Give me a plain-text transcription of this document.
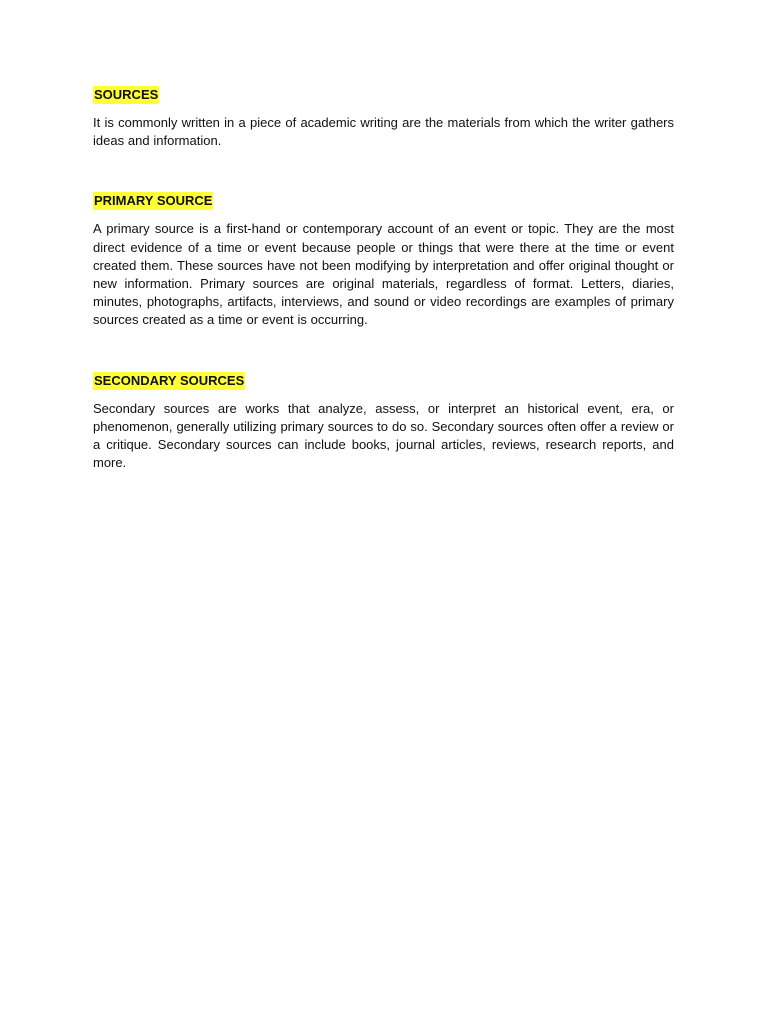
SOURCES

It is commonly written in a piece of academic writing are the materials from which the writer gathers ideas and information.

PRIMARY SOURCE

A primary source is a first-hand or contemporary account of an event or topic. They are the most direct evidence of a time or event because people or things that were there at the time or event created them. These sources have not been modifying by interpretation and offer original thought or new information. Primary sources are original materials, regardless of format. Letters, diaries, minutes, photographs, artifacts, interviews, and sound or video recordings are examples of primary sources created as a time or event is occurring.

SECONDARY SOURCES

Secondary sources are works that analyze, assess, or interpret an historical event, era, or phenomenon, generally utilizing primary sources to do so. Secondary sources often offer a review or a critique. Secondary sources can include books, journal articles, reviews, research reports, and more.
